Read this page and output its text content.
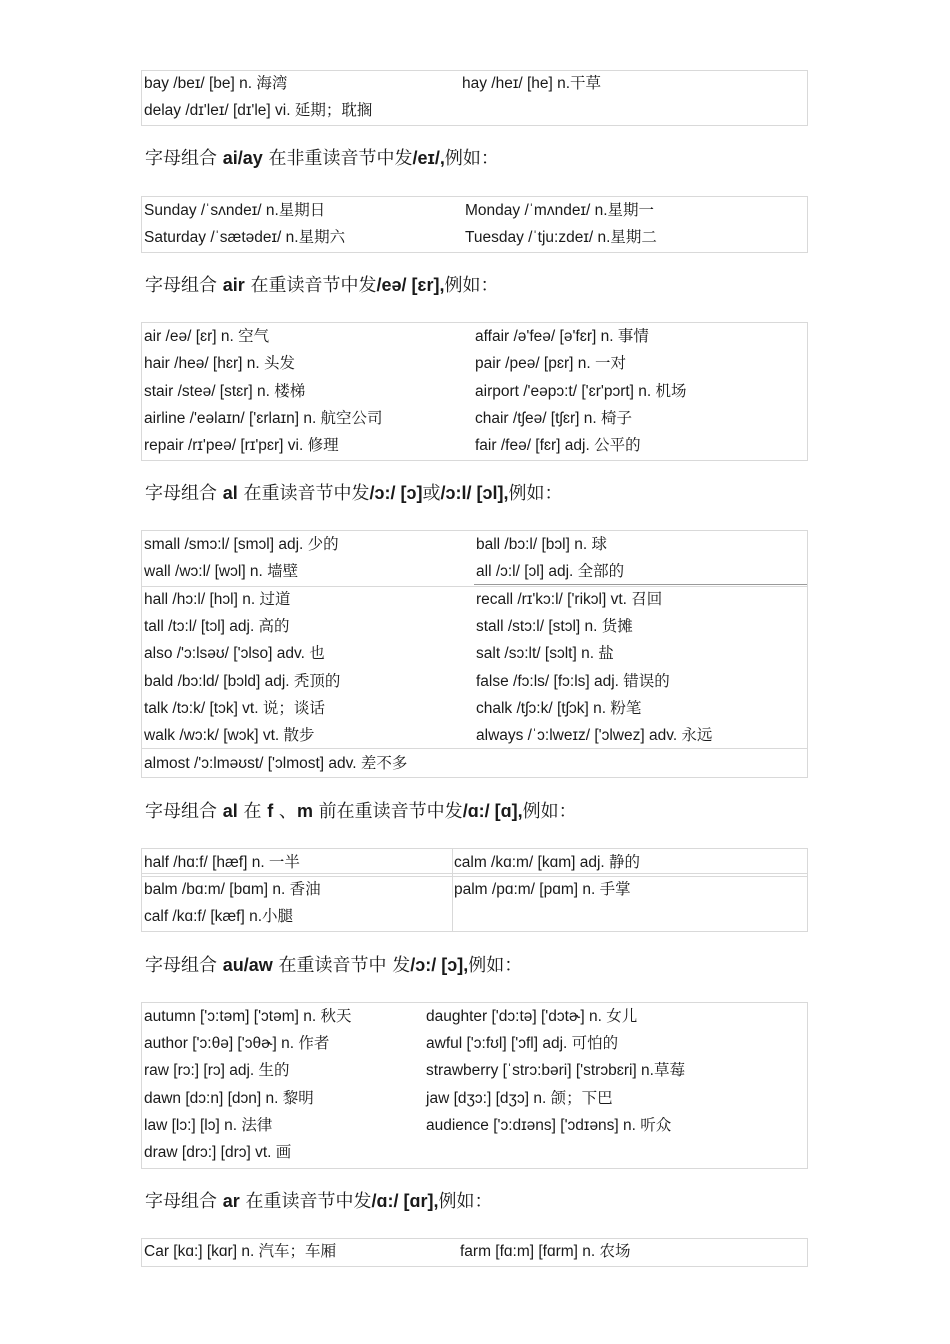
bay /beɪ/ [be] n. 海湾
delay /dɪ'leɪ/ [dɪ'le] vi. 延期；耽搁
hay /heɪ/ [he] n.干草
字母组合 ai/ay 在非重读音节中发/eɪ/,例如：
Sunday /ˈsʌndeɪ/ n.星期日
Saturday /ˈsætədeɪ/ n.星期六
Monday /ˈmʌndeɪ/ n.星期一
Tuesday /ˈtju:zdeɪ/ n.星期二
字母组合 air 在重读音节中发/eə/ [ɛr],例如：
air /eə/ [ɛr] n. 空气
hair /heə/ [hɛr] n. 头发
stair /steə/ [stɛr] n. 楼梯
airline /'eəlaɪn/ ['ɛrlaɪn] n. 航空公司
repair /rɪ'peə/ [rɪ'pɛr] vi. 修理
affair /ə'feə/ [ə'fɛr] n. 事情
pair /peə/ [pɛr] n. 一对
airport /'eəpɔ:t/ ['ɛr'pɔrt] n. 机场
chair /tʃeə/ [tʃɛr] n. 椅子
fair /feə/ [fɛr] adj. 公平的
字母组合 al 在重读音节中发/ɔ:/ [ɔ]或/ɔ:l/ [ɔl],例如：
small /smɔ:l/ [smɔl] adj. 少的
wall /wɔ:l/ [wɔl] n. 墙壁
hall /hɔ:l/ [hɔl] n. 过道
tall /tɔ:l/ [tɔl] adj. 高的
also /'ɔ:lsəʊ/ ['ɔlso] adv. 也
bald /bɔ:ld/ [bɔld] adj. 秃顶的
talk /tɔ:k/ [tɔk] vt. 说；谈话
walk /wɔ:k/ [wɔk] vt. 散步
almost /'ɔ:lməʊst/ ['ɔlmost] adv. 差不多
ball /bɔ:l/ [bɔl] n. 球
all /ɔ:l/ [ɔl] adj. 全部的
recall /rɪ'kɔ:l/ ['rikɔl] vt. 召回
stall /stɔ:l/ [stɔl] n. 货摊
salt /sɔ:lt/ [sɔlt] n. 盐
false /fɔ:ls/ [fɔ:ls] adj. 错误的
chalk /tʃɔ:k/ [tʃɔk] n. 粉笔
always /ˈɔ:lweɪz/ ['ɔlwez] adv. 永远
字母组合 al 在 f 、m 前在重读音节中发/ɑ:/ [ɑ],例如：
half /hɑ:f/ [hæf] n. 一半
balm /bɑ:m/ [bɑm] n. 香油
calf /kɑ:f/ [kæf] n.小腿
calm /kɑ:m/ [kɑm] adj. 静的
palm /pɑ:m/ [pɑm] n. 手掌
字母组合 au/aw 在重读音节中 发/ɔ:/ [ɔ],例如：
autumn ['ɔ:təm] ['ɔtəm] n. 秋天
author ['ɔ:θə] ['ɔθɚ] n. 作者
raw [rɔ:] [rɔ] adj. 生的
dawn [dɔ:n] [dɔn] n. 黎明
law [lɔ:] [lɔ] n. 法律
draw [drɔ:] [drɔ] vt. 画
daughter ['dɔ:tə] ['dɔtɚ] n. 女儿
awful ['ɔ:fʊl] ['ɔfl] adj. 可怕的
strawberry [ˈstrɔ:bəri] ['strɔbɛri] n.草莓
jaw [dʒɔ:] [dʒɔ] n. 颌；下巴
audience ['ɔ:dɪəns] ['ɔdɪəns] n. 听众
字母组合 ar 在重读音节中发/ɑ:/ [ɑr],例如：
Car [kɑ:] [kɑr] n. 汽车；车厢	farm [fɑ:m] [fɑrm] n. 农场
